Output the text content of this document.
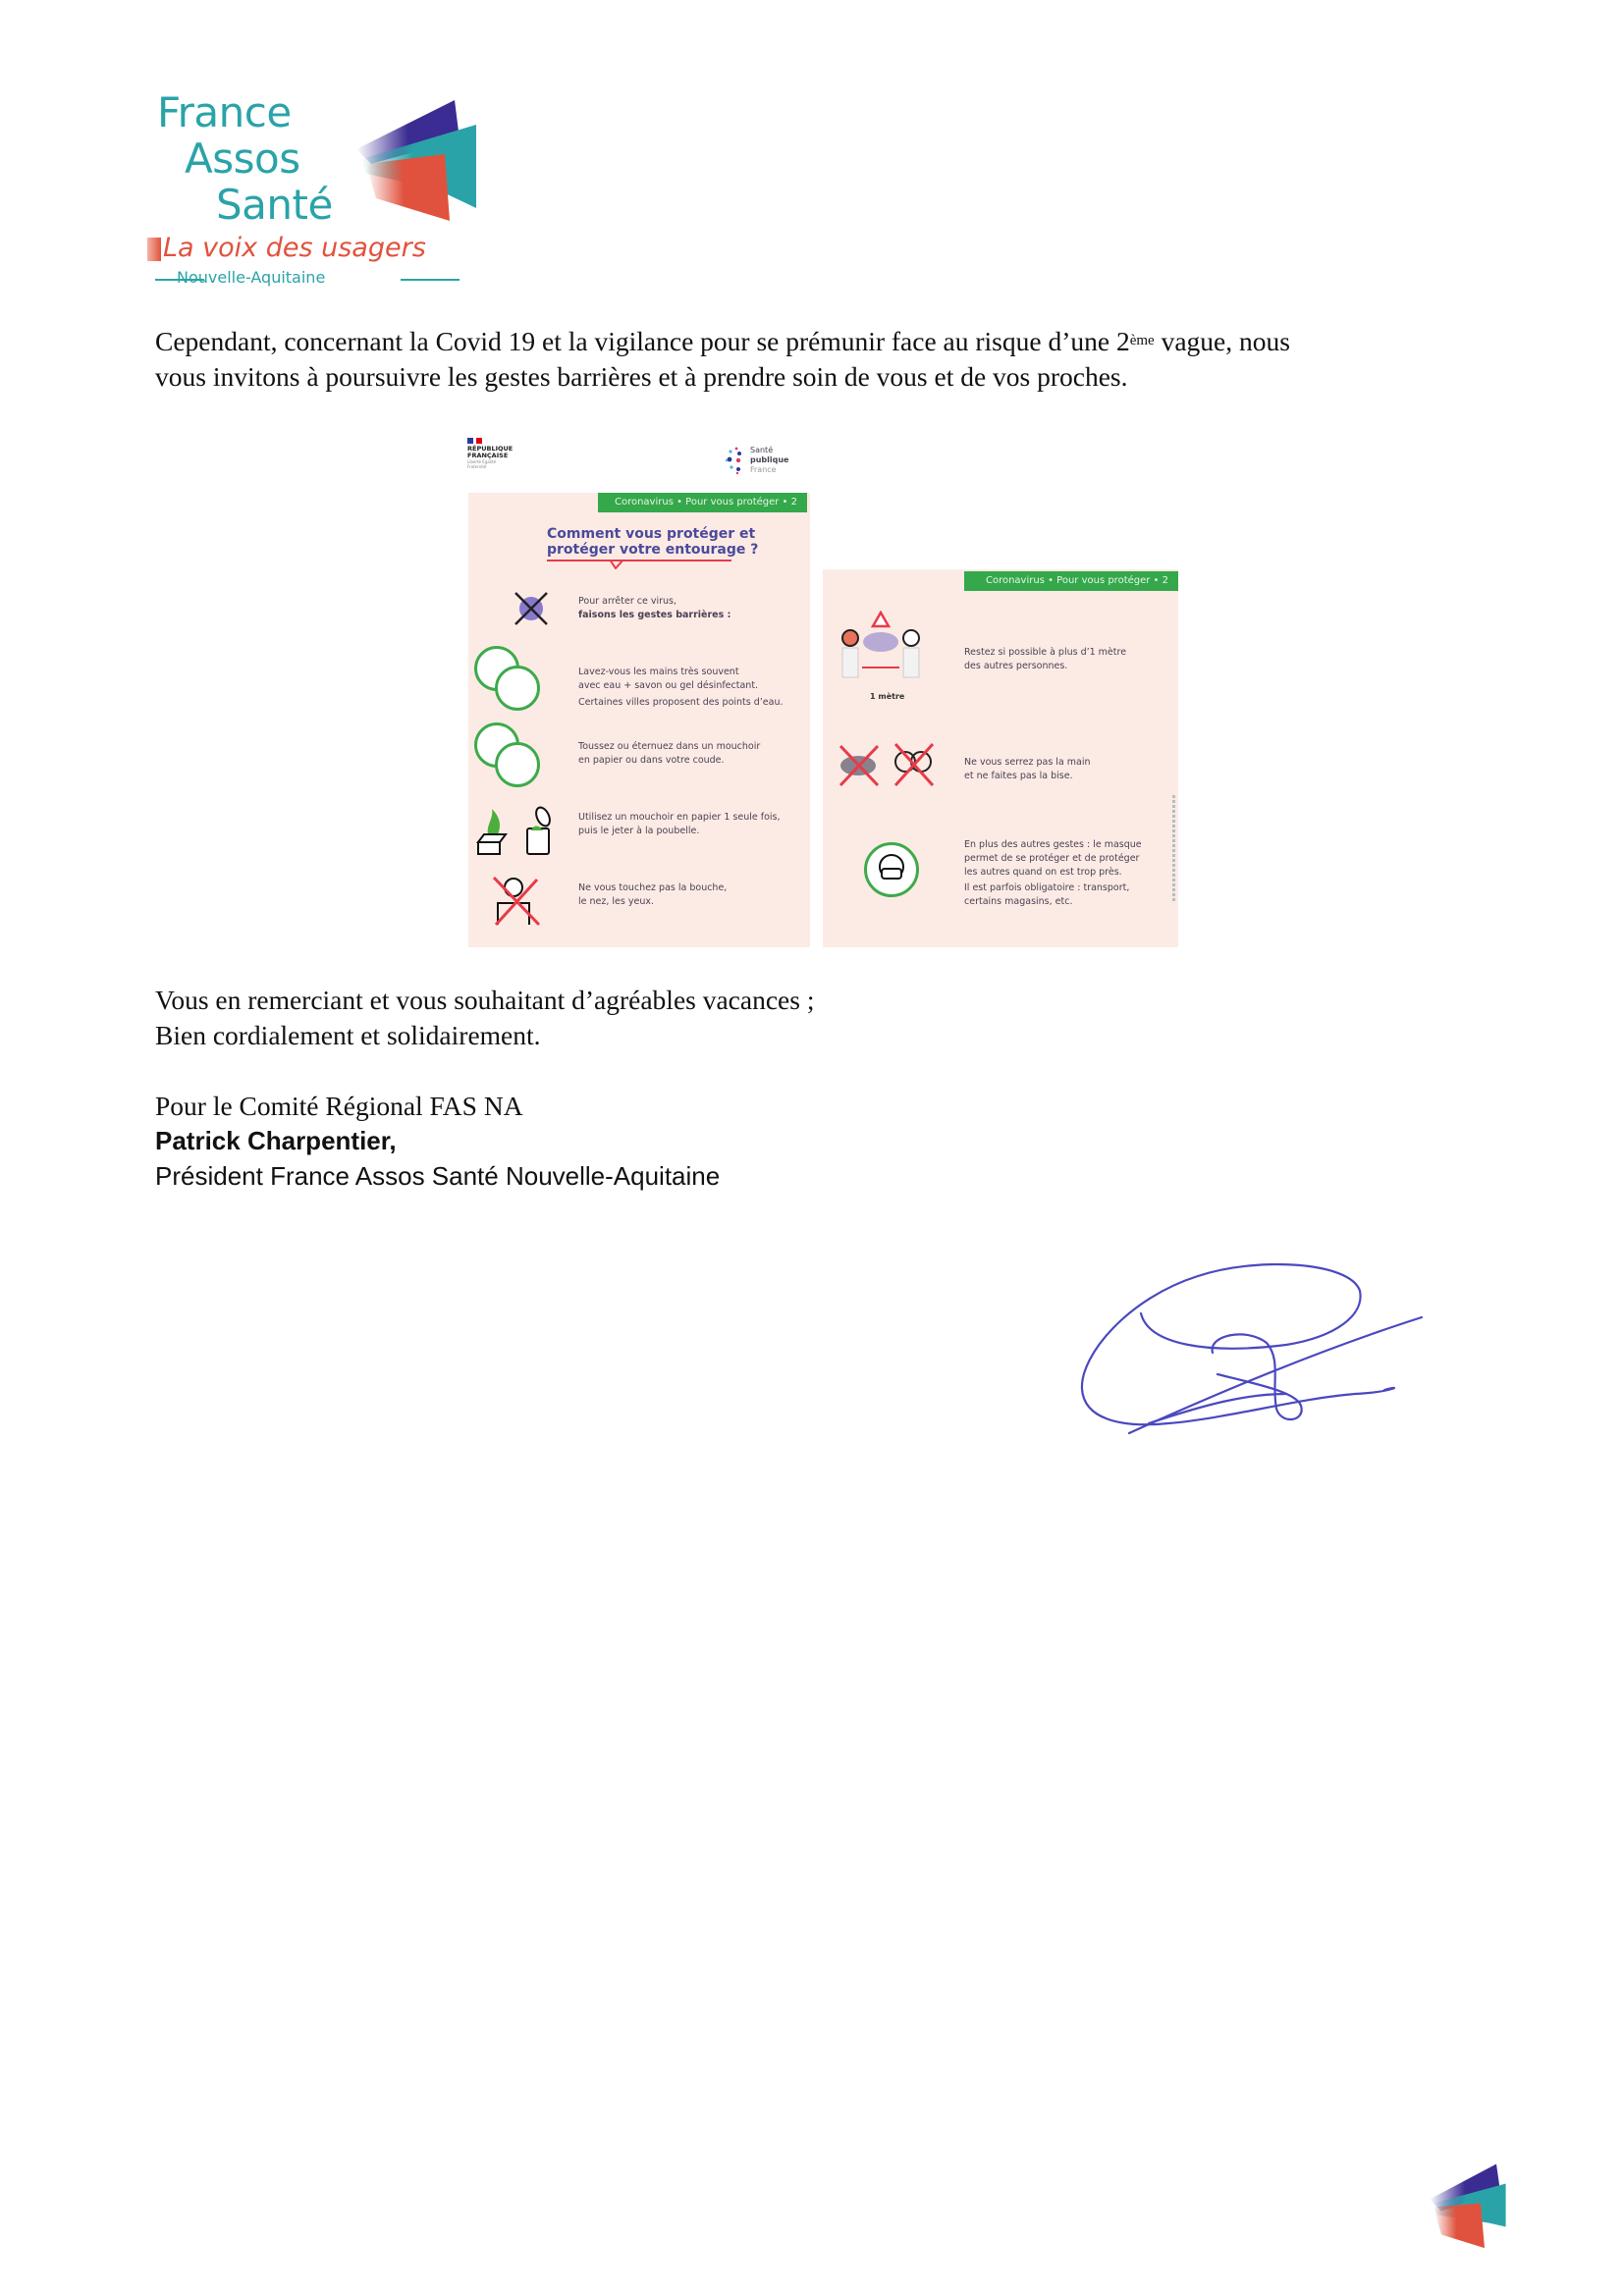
France
Assos
Santé
La voix des usagers
Nouvelle-Aquitaine
Cependant, concernant la Covid 19 et la vigilance pour se prémunir face au risque d’une 2ème vague, nous
vous invitons à poursuivre les gestes barrières et à prendre soin de vous et de vos proches.
RÉPUBLIQUE
FRANÇAISE
Liberté Égalité Fraternité
Santé
publique
France
Coronavirus • Pour vous protéger • 2
Comment vous protéger et
protéger votre entourage ?
Pour arrêter ce virus,
faisons les gestes barrières :
Lavez-vous les mains très souvent
avec eau + savon ou gel désinfectant.
Certaines villes proposent des points d’eau.
Toussez ou éternuez dans un mouchoir
en papier ou dans votre coude.
Utilisez un mouchoir en papier 1 seule fois,
puis le jeter à la poubelle.
Ne vous touchez pas la bouche,
le nez, les yeux.
Coronavirus • Pour vous protéger • 2
1 mètre
Restez si possible à plus d’1 mètre
des autres personnes.
Ne vous serrez pas la main
et ne faites pas la bise.
En plus des autres gestes : le masque
permet de se protéger et de protéger
les autres quand on est trop près.
Il est parfois obligatoire : transport,
certains magasins, etc.
Vous en remerciant et vous souhaitant d’agréables vacances ;
Bien cordialement et solidairement.
Pour le Comité Régional FAS NA
Patrick Charpentier,
Président France Assos Santé Nouvelle-Aquitaine
